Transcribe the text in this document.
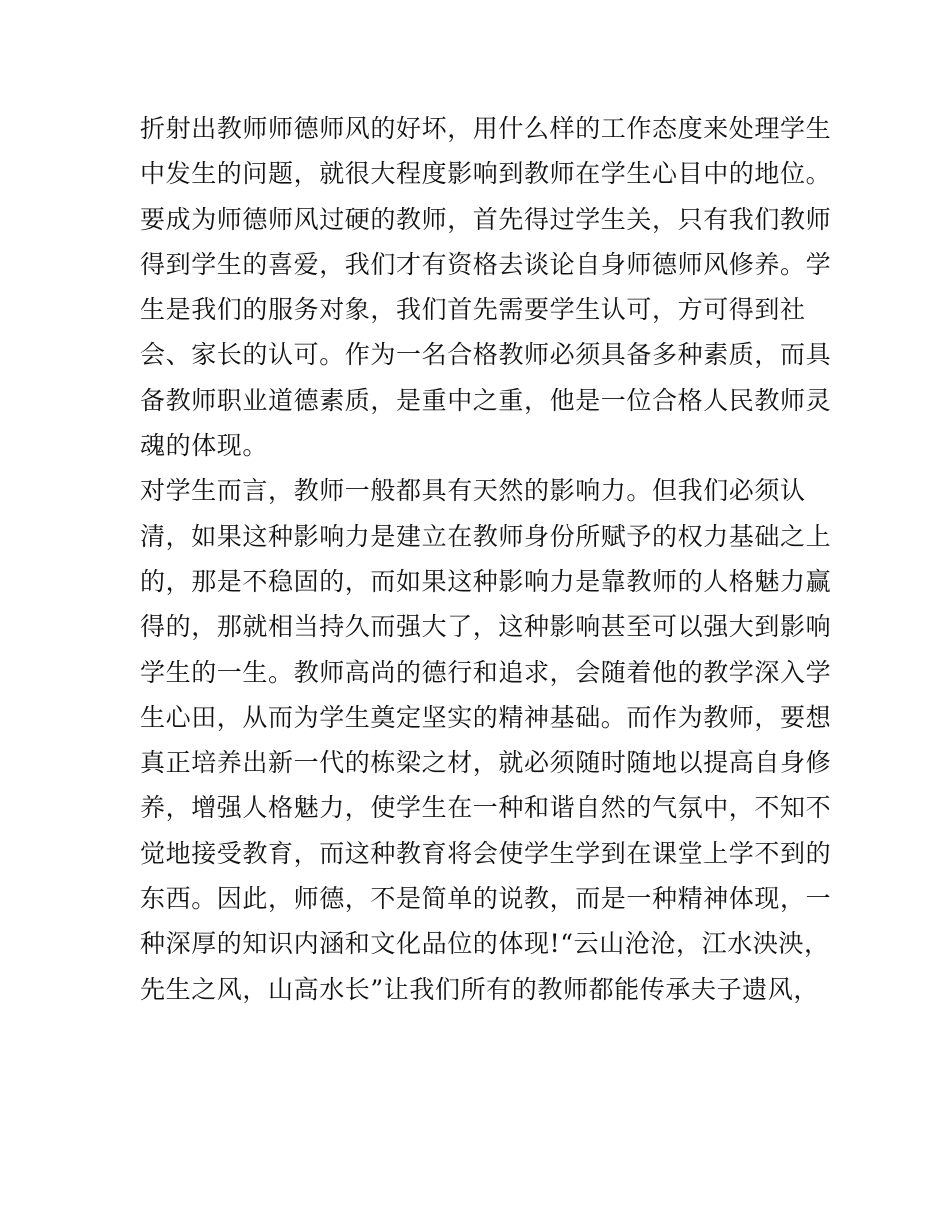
折射出教师师德师风的好坏，用什么样的工作态度来处理学生
中发生的问题，就很大程度影响到教师在学生心目中的地位。
要成为师德师风过硬的教师，首先得过学生关，只有我们教师
得到学生的喜爱，我们才有资格去谈论自身师德师风修养。学
生是我们的服务对象，我们首先需要学生认可，方可得到社
会、家长的认可。作为一名合格教师必须具备多种素质，而具
备教师职业道德素质，是重中之重，他是一位合格人民教师灵
魂的体现。
对学生而言，教师一般都具有天然的影响力。但我们必须认
清，如果这种影响力是建立在教师身份所赋予的权力基础之上
的，那是不稳固的，而如果这种影响力是靠教师的人格魅力赢
得的，那就相当持久而强大了，这种影响甚至可以强大到影响
学生的一生。教师高尚的德行和追求，会随着他的教学深入学
生心田，从而为学生奠定坚实的精神基础。而作为教师，要想
真正培养出新一代的栋梁之材，就必须随时随地以提高自身修
养，增强人格魅力，使学生在一种和谐自然的气氛中，不知不
觉地接受教育，而这种教育将会使学生学到在课堂上学不到的
东西。因此，师德，不是简单的说教，而是一种精神体现，一
种深厚的知识内涵和文化品位的体现!“云山沧沧，江水泱泱，
先生之风，山高水长”让我们所有的教师都能传承夫子遗风，
